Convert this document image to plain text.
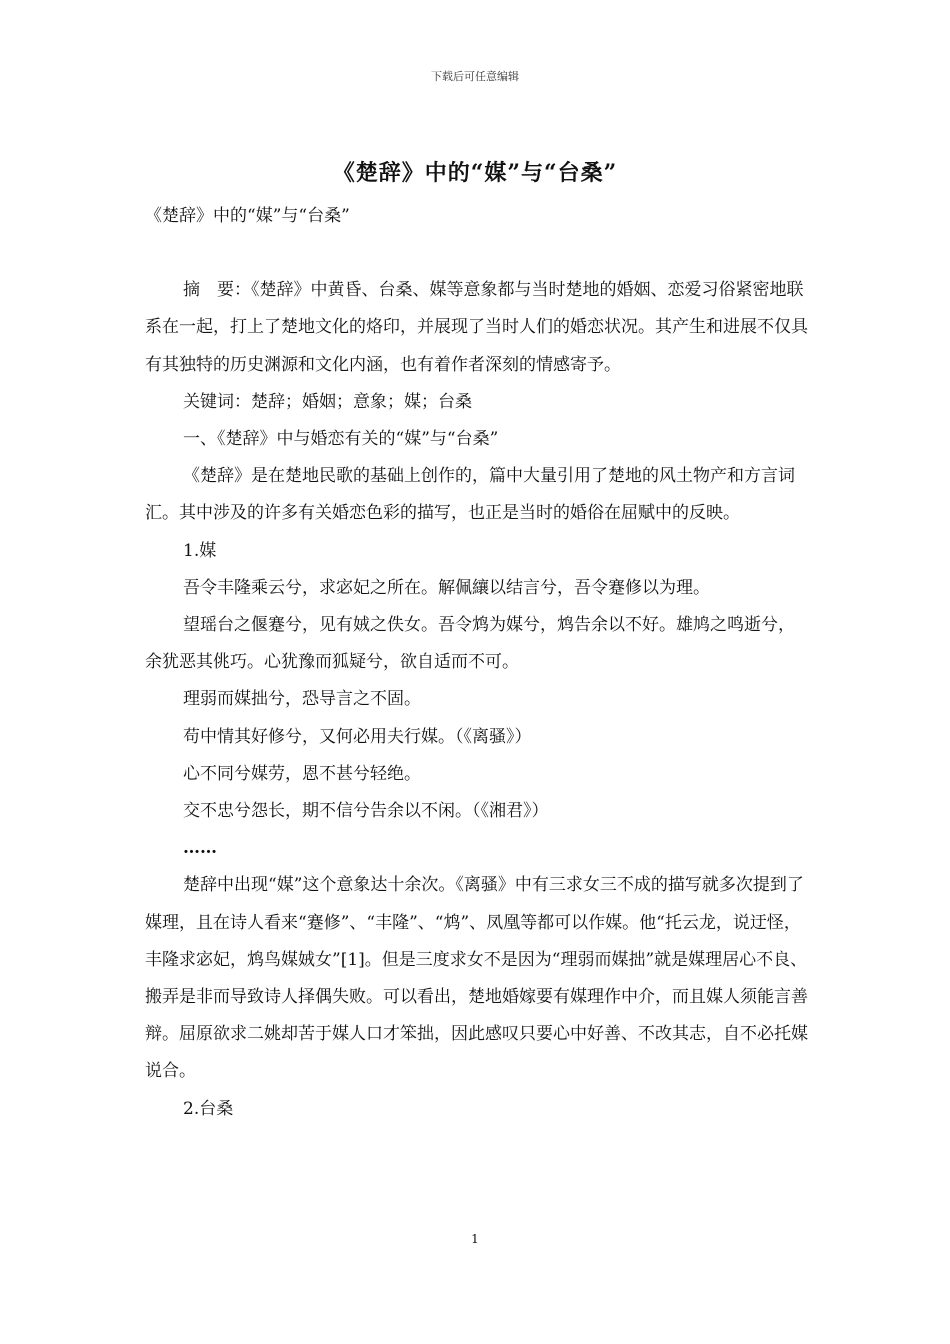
下载后可任意编辑
《楚辞》中的“媒”与“台桑”

《楚辞》中的“媒”与“台桑”

摘　要：《楚辞》中黄昏、台桑、媒等意象都与当时楚地的婚姻、恋爱习俗紧密地联系在一起，打上了楚地文化的烙印，并展现了当时人们的婚恋状况。其产生和进展不仅具有其独特的历史渊源和文化内涵，也有着作者深刻的情感寄予。

关键词：楚辞；婚姻；意象；媒；台桑

一、《楚辞》中与婚恋有关的“媒”与“台桑”

《楚辞》是在楚地民歌的基础上创作的，篇中大量引用了楚地的风土物产和方言词汇。其中涉及的许多有关婚恋色彩的描写，也正是当时的婚俗在屈赋中的反映。

1.媒

吾令丰隆乘云兮，求宓妃之所在。解佩纕以结言兮，吾令蹇修以为理。

望瑶台之偃蹇兮，见有娀之佚女。吾令鸩为媒兮，鸩告余以不好。雄鸠之鸣逝兮，余犹恶其佻巧。心犹豫而狐疑兮，欲自适而不可。

理弱而媒拙兮，恐导言之不固。

苟中情其好修兮，又何必用夫行媒。（《离骚》）

心不同兮媒劳，恩不甚兮轻绝。

交不忠兮怨长，期不信兮告余以不闲。（《湘君》）

……

楚辞中出现“媒”这个意象达十余次。《离骚》中有三求女三不成的描写就多次提到了媒理，且在诗人看来“蹇修”、“丰隆”、“鸩”、凤凰等都可以作媒。他“托云龙，说迂怪，丰隆求宓妃，鸩鸟媒娀女”[1]。但是三度求女不是因为“理弱而媒拙”就是媒理居心不良、搬弄是非而导致诗人择偶失败。可以看出，楚地婚嫁要有媒理作中介，而且媒人须能言善辩。屈原欲求二姚却苦于媒人口才笨拙，因此感叹只要心中好善、不改其志，自不必托媒说合。

2.台桑

1
